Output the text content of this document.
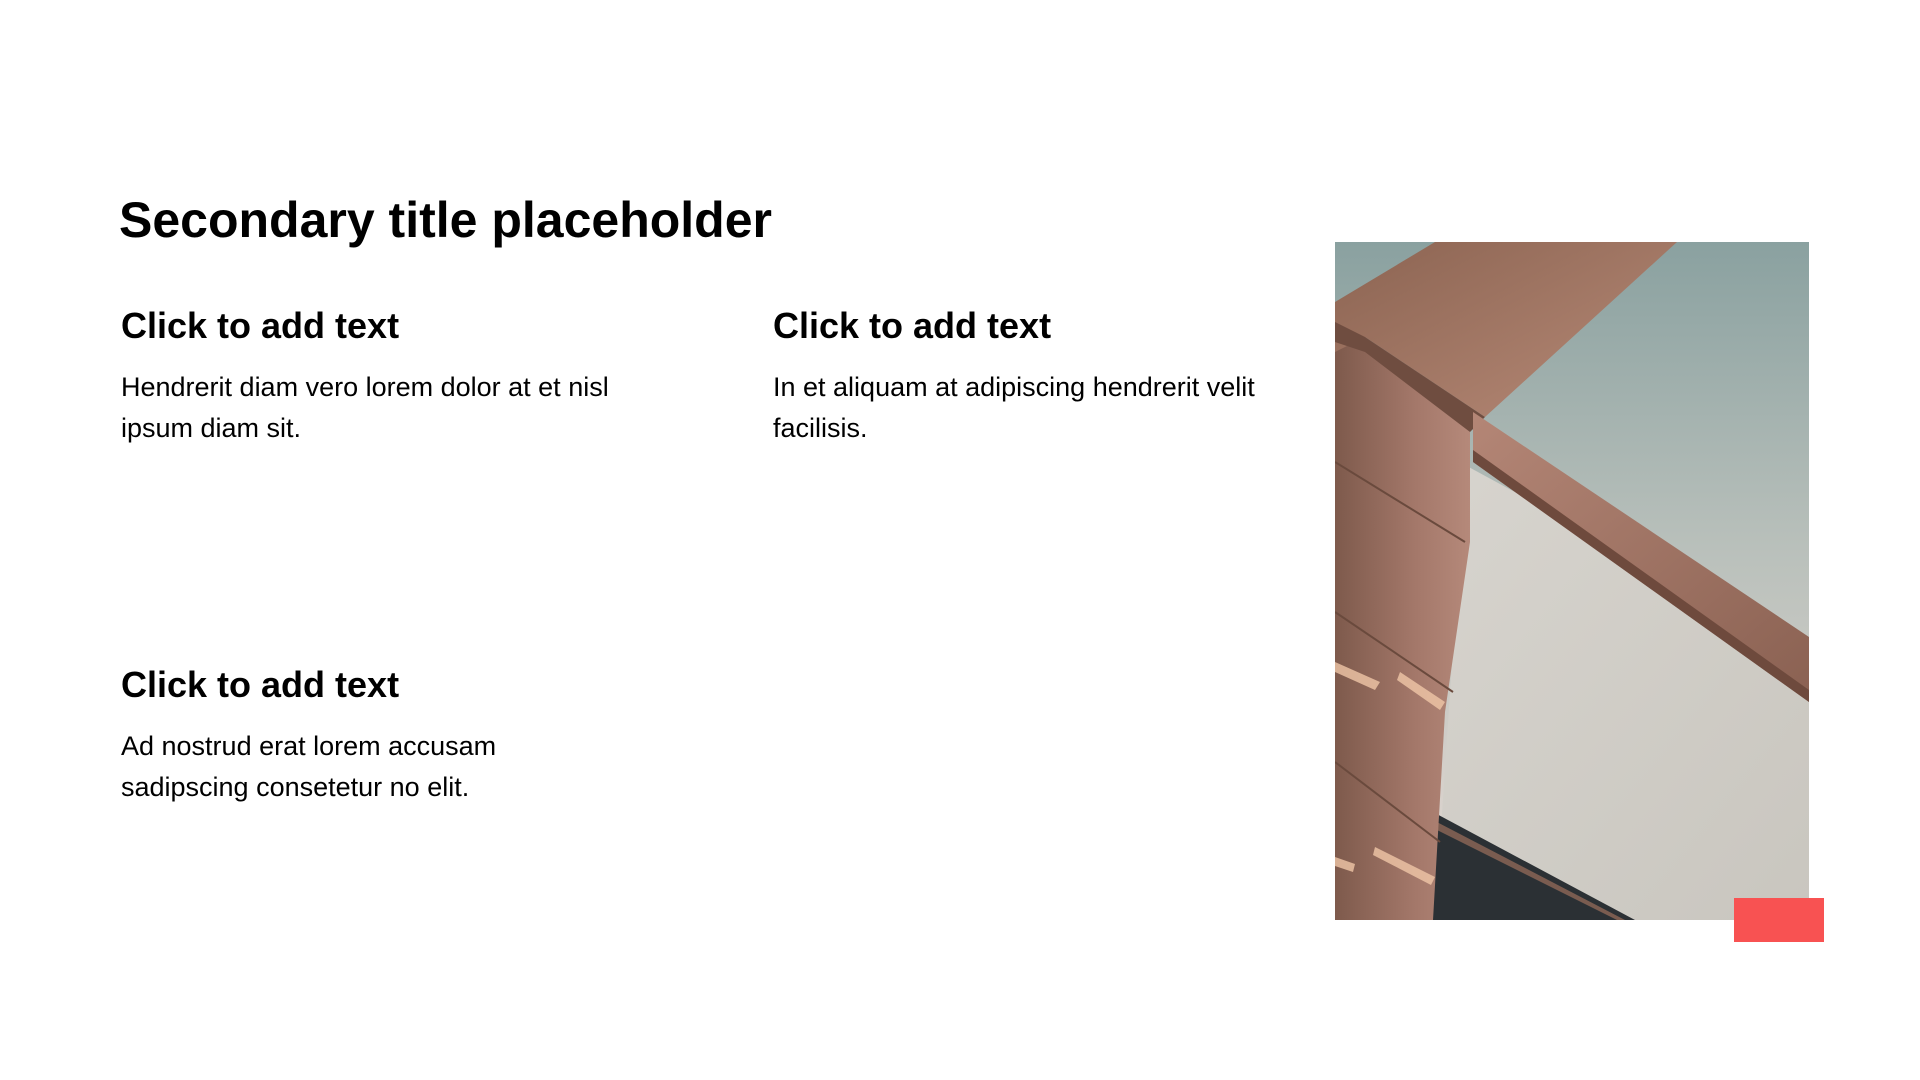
Secondary title placeholder
Click to add text

Hendrerit diam vero lorem dolor at et nisl ipsum diam sit.

Click to add text

In et aliquam at adipiscing hendrerit velit facilisis.

Click to add text

Ad nostrud erat lorem accusam sadipscing consetetur no elit.
